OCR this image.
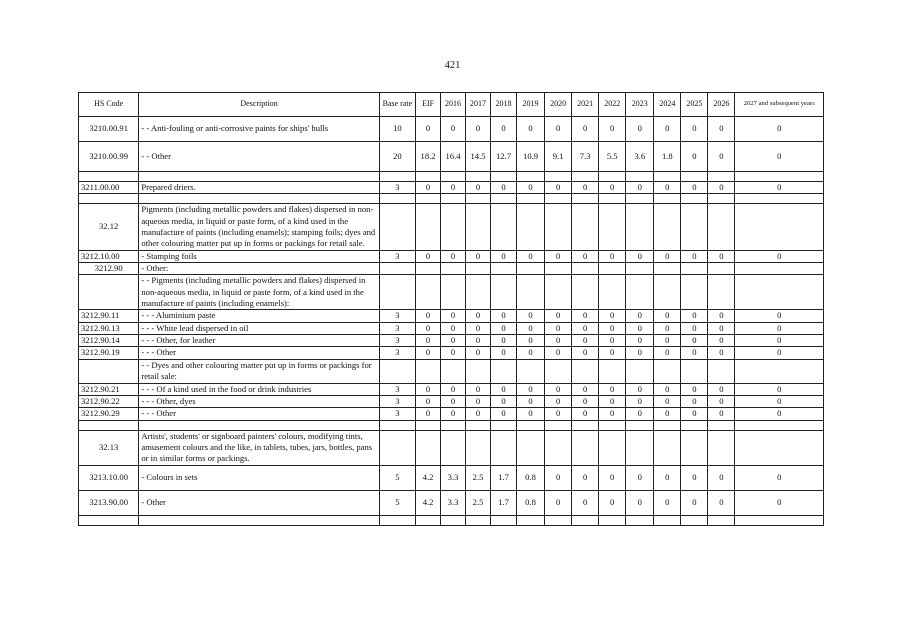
421
HS Code	Description	Base rate	EIF	2016	2017	2018	2019	2020	2021	2022	2023	2024	2025	2026	2027 and subsequent years
3210.00.91	- - Anti-fouling or anti-corrosive paints for ships' hulls	10	0	0	0	0	0	0	0	0	0	0	0	0	0
3210.00.99	- - Other	20	18.2	16.4	14.5	12.7	10.9	9.1	7.3	5.5	3.6	1.8	0	0	0

3211.00.00	Prepared driers.	3	0	0	0	0	0	0	0	0	0	0	0	0	0

32.12	Pigments (including metallic powders and flakes) dispersed in non-aqueous media, in liquid or paste form, of a kind used in the manufacture of paints (including enamels); stamping foils; dyes and other colouring matter put up in forms or packings for retail sale.														
3212.10.00	- Stamping foils	3	0	0	0	0	0	0	0	0	0	0	0	0	0
3212.90	- Other:														
	- - Pigments (including metallic powders and flakes) dispersed in non-aqueous media, in liquid or paste form, of a kind used in the manufacture of paints (including enamels):														
3212.90.11	- - - Aluminium paste	3	0	0	0	0	0	0	0	0	0	0	0	0	0
3212.90.13	- - - White lead dispersed in oil	3	0	0	0	0	0	0	0	0	0	0	0	0	0
3212.90.14	- - - Other, for leather	3	0	0	0	0	0	0	0	0	0	0	0	0	0
3212.90.19	- - - Other	3	0	0	0	0	0	0	0	0	0	0	0	0	0
	- - Dyes and other colouring matter put up in forms or packings for retail sale:														
3212.90.21	- - - Of a kind used in the food or drink industries	3	0	0	0	0	0	0	0	0	0	0	0	0	0
3212.90.22	- - - Other, dyes	3	0	0	0	0	0	0	0	0	0	0	0	0	0
3212.90.29	- - - Other	3	0	0	0	0	0	0	0	0	0	0	0	0	0

32.13	Artists', students' or signboard painters' colours, modifying tints, amusement colours and the like, in tablets, tubes, jars, bottles, pans or in similar forms or packings.														
3213.10.00	- Colours in sets	5	4.2	3.3	2.5	1.7	0.8	0	0	0	0	0	0	0	0
3213.90.00	- Other	5	4.2	3.3	2.5	1.7	0.8	0	0	0	0	0	0	0	0
